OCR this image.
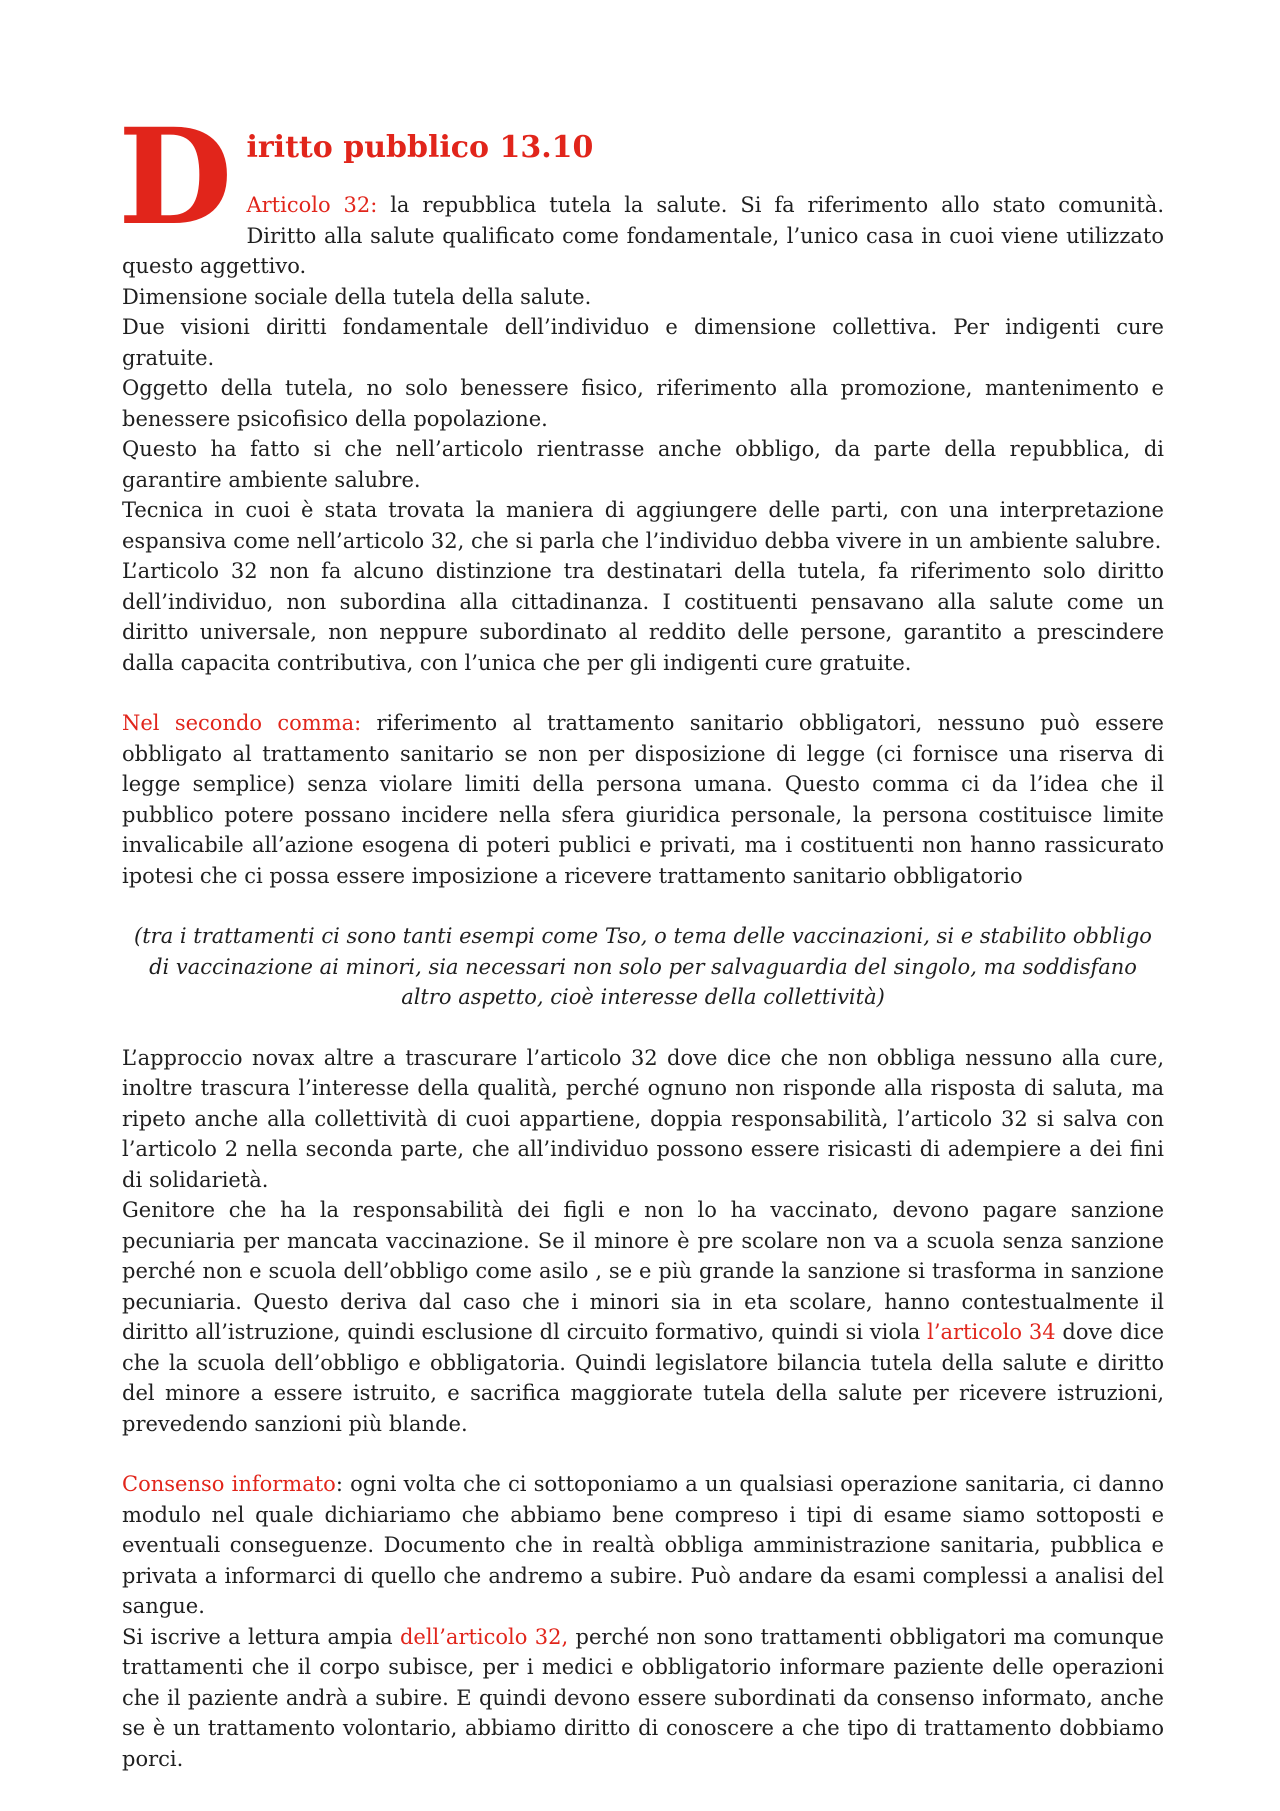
D iritto pubblico 13.10

Articolo 32: la repubblica tutela la salute. Si fa riferimento allo stato comunità. Diritto alla salute qualificato come fondamentale, l’unico casa in cuoi viene utilizzato questo aggettivo.

Dimensione sociale della tutela della salute.

Due visioni diritti fondamentale dell’individuo e dimensione collettiva. Per indigenti cure gratuite.

Oggetto della tutela, no solo benessere fisico, riferimento alla promozione, mantenimento e benessere psicofisico della popolazione.

Questo ha fatto si che nell’articolo rientrasse anche obbligo, da parte della repubblica, di garantire ambiente salubre.

Tecnica in cuoi è stata trovata la maniera di aggiungere delle parti, con una interpretazione espansiva come nell’articolo 32, che si parla che l’individuo debba vivere in un ambiente salubre.

L’articolo 32 non fa alcuno distinzione tra destinatari della tutela, fa riferimento solo diritto dell’individuo, non subordina alla cittadinanza. I costituenti pensavano alla salute come un diritto universale, non neppure subordinato al reddito delle persone, garantito a prescindere dalla capacita contributiva, con l’unica che per gli indigenti cure gratuite.

Nel secondo comma: riferimento al trattamento sanitario obbligatori, nessuno può essere obbligato al trattamento sanitario se non per disposizione di legge (ci fornisce una riserva di legge semplice) senza violare limiti della persona umana. Questo comma ci da l’idea che il pubblico potere possano incidere nella sfera giuridica personale, la persona costituisce limite invalicabile all’azione esogena di poteri publici e privati, ma i costituenti non hanno rassicurato ipotesi che ci possa essere imposizione a ricevere trattamento sanitario obbligatorio

(tra i trattamenti ci sono tanti esempi come Tso, o tema delle vaccinazioni, si e stabilito obbligo di vaccinazione ai minori, sia necessari non solo per salvaguardia del singolo, ma soddisfano altro aspetto, cioè interesse della collettività)

L’approccio novax altre a trascurare l’articolo 32 dove dice che non obbliga nessuno alla cure, inoltre trascura l’interesse della qualità, perché ognuno non risponde alla risposta di saluta, ma ripeto anche alla collettività di cuoi appartiene, doppia responsabilità, l’articolo 32 si salva con l’articolo 2 nella seconda parte, che all’individuo possono essere risicasti di adempiere a dei fini di solidarietà.

Genitore che ha la responsabilità dei figli e non lo ha vaccinato, devono pagare sanzione pecuniaria per mancata vaccinazione. Se il minore è pre scolare non va a scuola senza sanzione perché non e scuola dell’obbligo come asilo , se e più grande la sanzione si trasforma in sanzione pecuniaria. Questo deriva dal caso che i minori sia in eta scolare, hanno contestualmente il diritto all’istruzione, quindi esclusione dl circuito formativo, quindi si viola l’articolo 34 dove dice che la scuola dell’obbligo e obbligatoria. Quindi legislatore bilancia tutela della salute e diritto del minore a essere istruito, e sacrifica maggiorate tutela della salute per ricevere istruzioni, prevedendo sanzioni più blande.

Consenso informato: ogni volta che ci sottoponiamo a un qualsiasi operazione sanitaria, ci danno modulo nel quale dichiariamo che abbiamo bene compreso i tipi di esame siamo sottoposti e eventuali conseguenze. Documento che in realtà obbliga amministrazione sanitaria, pubblica e privata a informarci di quello che andremo a subire. Può andare da esami complessi a analisi del sangue.

Si iscrive a lettura ampia dell’articolo 32, perché non sono trattamenti obbligatori ma comunque trattamenti che il corpo subisce, per i medici e obbligatorio informare paziente delle operazioni che il paziente andrà a subire. E quindi devono essere subordinati da consenso informato, anche se è un trattamento volontario, abbiamo diritto di conoscere a che tipo di trattamento dobbiamo porci.
